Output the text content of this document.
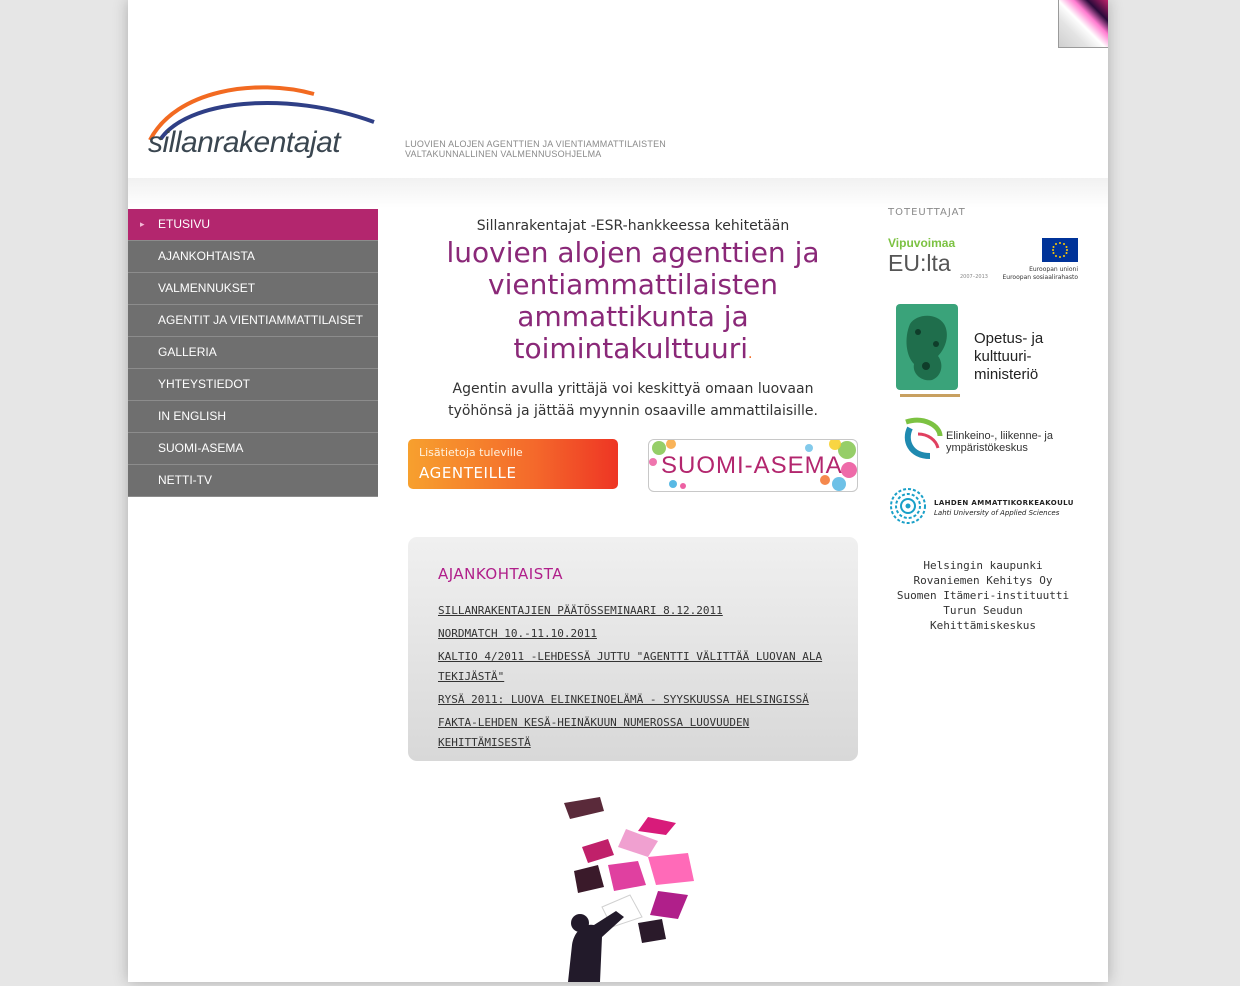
sillanrakentajat	LUOVIEN ALOJEN AGENTTIEN JA VIENTIAMMATTILAISTEN
VALTAKUNNALLINEN VALMENNUSOHJELMA
▸ ETUSIVU
AJANKOHTAISTA
VALMENNUKSET
AGENTIT JA VIENTIAMMATTILAISET
GALLERIA
YHTEYSTIEDOT
IN ENGLISH
SUOMI-ASEMA
NETTI-TV
Sillanrakentajat -ESR-hankkeessa kehitetään
luovien alojen agenttien ja
vientiammattilaisten
ammattikunta ja
toimintakulttuuri.
Agentin avulla yrittäjä voi keskittyä omaan luovaan
työhönsä ja jättää myynnin osaaville ammattilaisille.
Lisätietoja tuleville
AGENTEILLE	SUOMI-ASEMA
AJANKOHTAISTA
SILLANRAKENTAJIEN PÄÄTÖSSEMINAARI 8.12.2011
NORDMATCH 10.-11.10.2011
KALTIO 4/2011 -LEHDESSÄ JUTTU "AGENTTI VÄLITTÄÄ LUOVAN ALA
TEKIJÄSTÄ"
RYSÄ 2011: LUOVA ELINKEINOELÄMÄ - SYYSKUUSSA HELSINGISSÄ
FAKTA-LEHDEN KESÄ-HEINÄKUUN NUMEROSSA LUOVUUDEN
KEHITTÄMISESTÄ
TOTEUTTAJAT
Vipuvoimaa
EU:lta
2007–2013
Euroopan unioni
Euroopan sosiaalirahasto
Opetus- ja
kulttuuri-
ministeriö
Elinkeino-, liikenne- ja
ympäristökeskus
LAHDEN AMMATTIKORKEAKOULU
Lahti University of Applied Sciences
Helsingin kaupunki
Rovaniemen Kehitys Oy
Suomen Itämeri-instituutti
Turun Seudun Kehittämiskeskus
